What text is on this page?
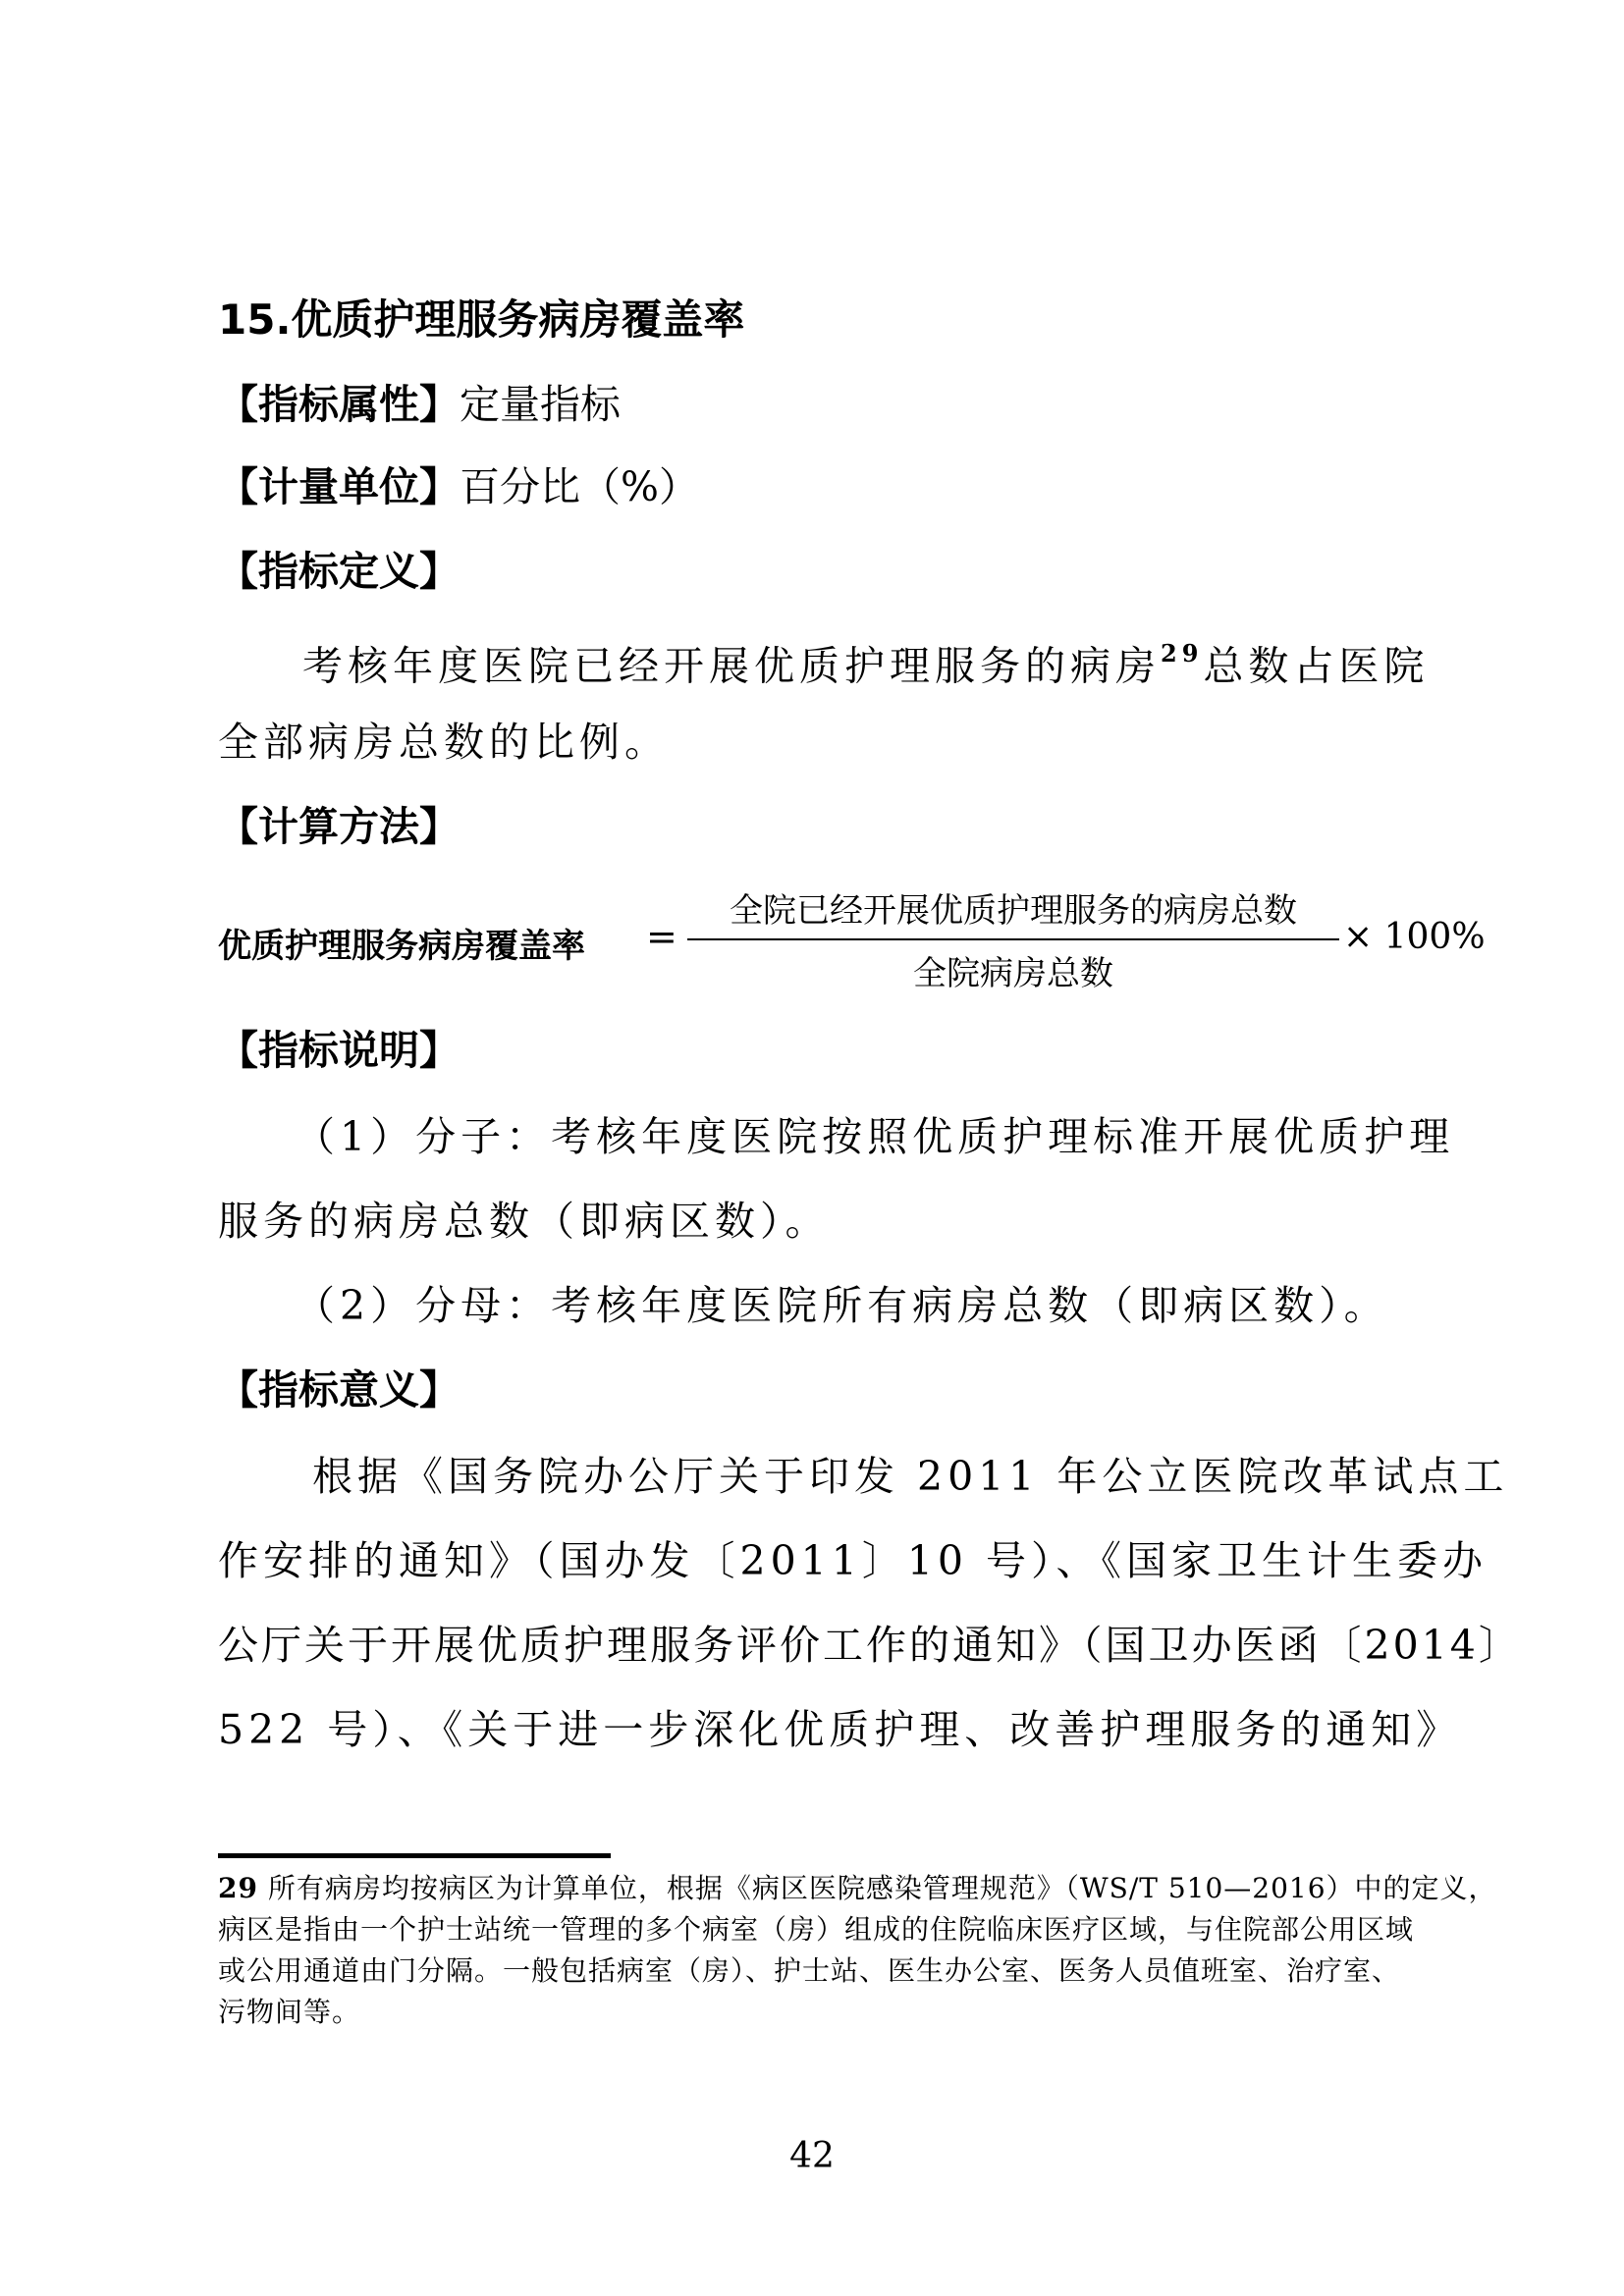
15.优质护理服务病房覆盖率
【指标属性】定量指标
【计量单位】百分比（%）
【指标定义】
考核年度医院已经开展优质护理服务的病房$^{29}$总数占医院
全部病房总数的比例。
【计算方法】
优质护理服务病房覆盖率 =
全院已经开展优质护理服务的病房总数
全院病房总数
× 100%
【指标说明】
（1）分子：考核年度医院按照优质护理标准开展优质护理
服务的病房总数（即病区数）。
（2）分母：考核年度医院所有病房总数（即病区数）。
【指标意义】
根据《国务院办公厅关于印发 2011 年公立医院改革试点工
作安排的通知》（国办发〔2011〕10 号）、《国家卫生计生委办
公厅关于开展优质护理服务评价工作的通知》（国卫办医函〔2014〕
522 号）、《关于进一步深化优质护理、改善护理服务的通知》
29 所有病房均按病区为计算单位，根据《病区医院感染管理规范》（WS/T 510—2016）中的定义，
病区是指由一个护士站统一管理的多个病室（房）组成的住院临床医疗区域，与住院部公用区域
或公用通道由门分隔。一般包括病室（房）、护士站、医生办公室、医务人员值班室、治疗室、
污物间等。
42
